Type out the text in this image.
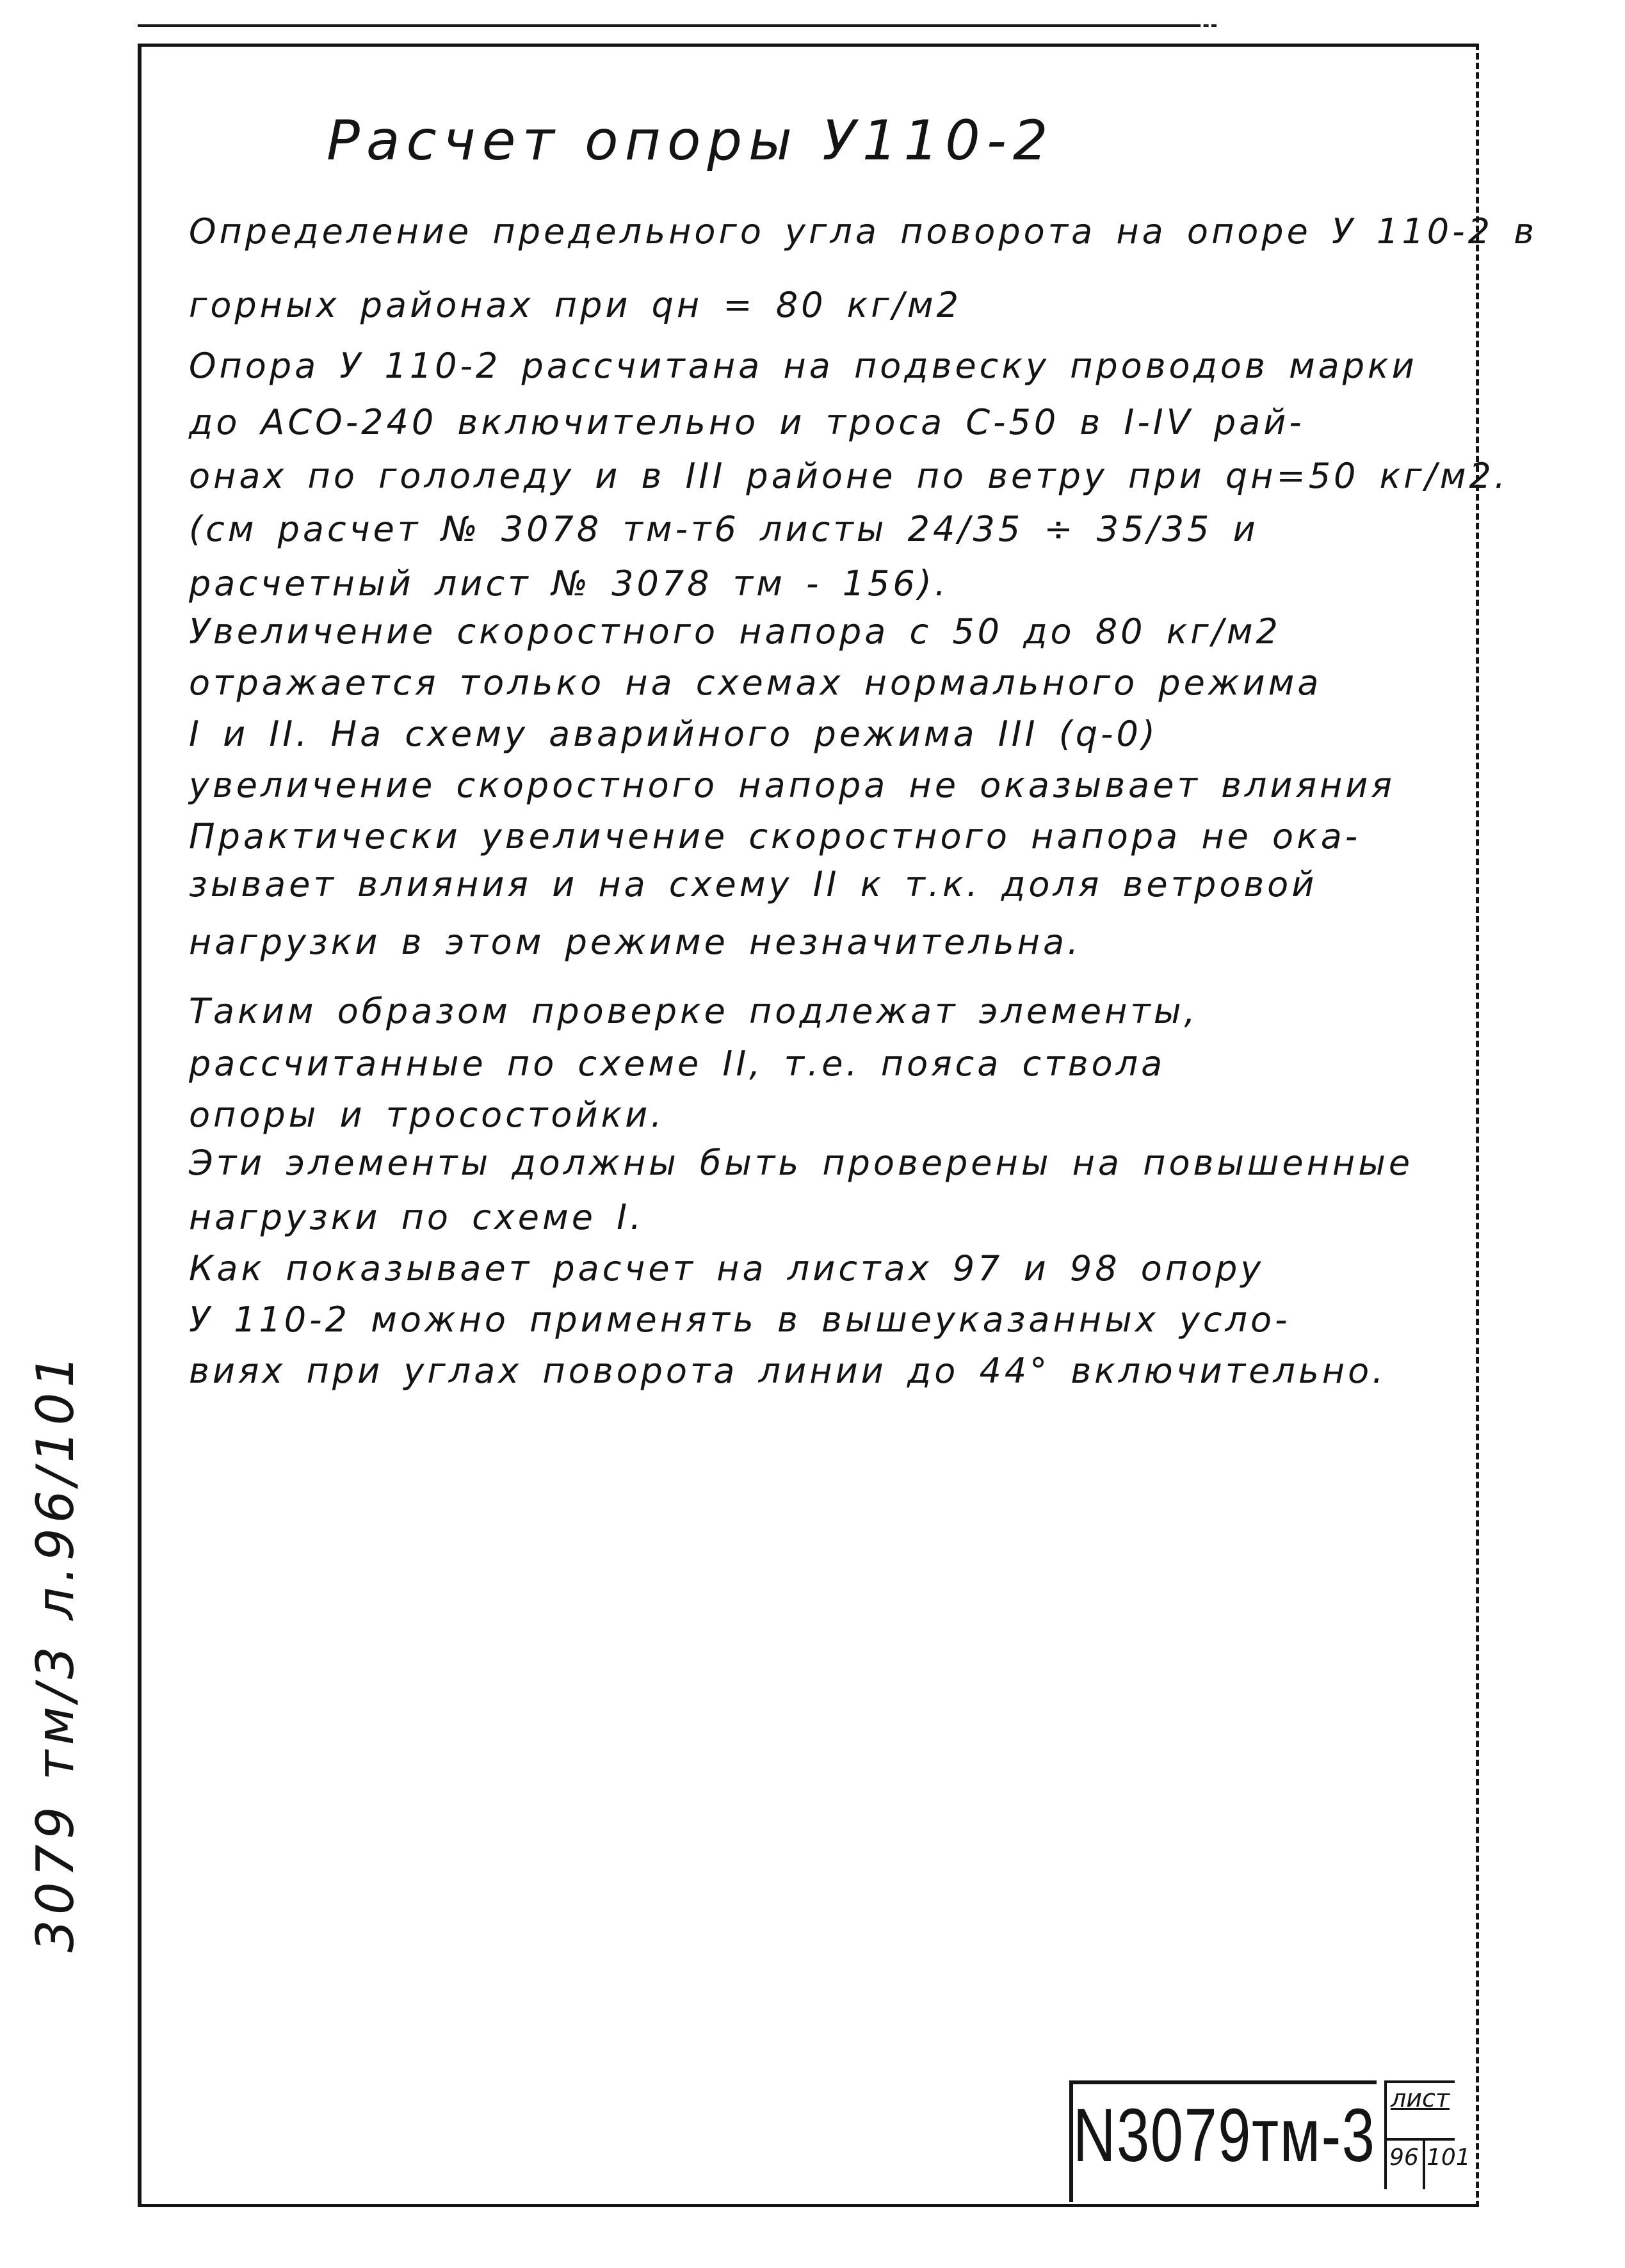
Расчет опоры У110-2
Определение предельного угла поворота на опоре У 110-2 в
горных районах при qн = 80 кг/м2
Опора У 110-2 рассчитана на подвеску проводов марки
до АСО-240 включительно и троса С-50 в I-IV рай-
онах по гололеду и в III районе по ветру при qн=50 кг/м2.
(см расчет № 3078 тм-т6 листы 24/35 ÷ 35/35 и
расчетный лист № 3078 тм - 156).
Увеличение скоростного напора с 50 до 80 кг/м2
отражается только на схемах нормального режима
I и II. На схему аварийного режима III (q-0)
увеличение скоростного напора не оказывает влияния
Практически увеличение скоростного напора не ока-
зывает влияния и на схему II к т.к. доля ветровой
нагрузки в этом режиме незначительна.
Таким образом проверке подлежат элементы,
рассчитанные по схеме II, т.е. пояса ствола
опоры и тросостойки.
Эти элементы должны быть проверены на повышенные
нагрузки по схеме I.
Как показывает расчет на листах 97 и 98 опору
У 110-2 можно применять в вышеуказанных усло-
виях при углах поворота линии до 44° включительно.
3079 тм/3 л.96/101
N3079тм-3 лист
96 101
